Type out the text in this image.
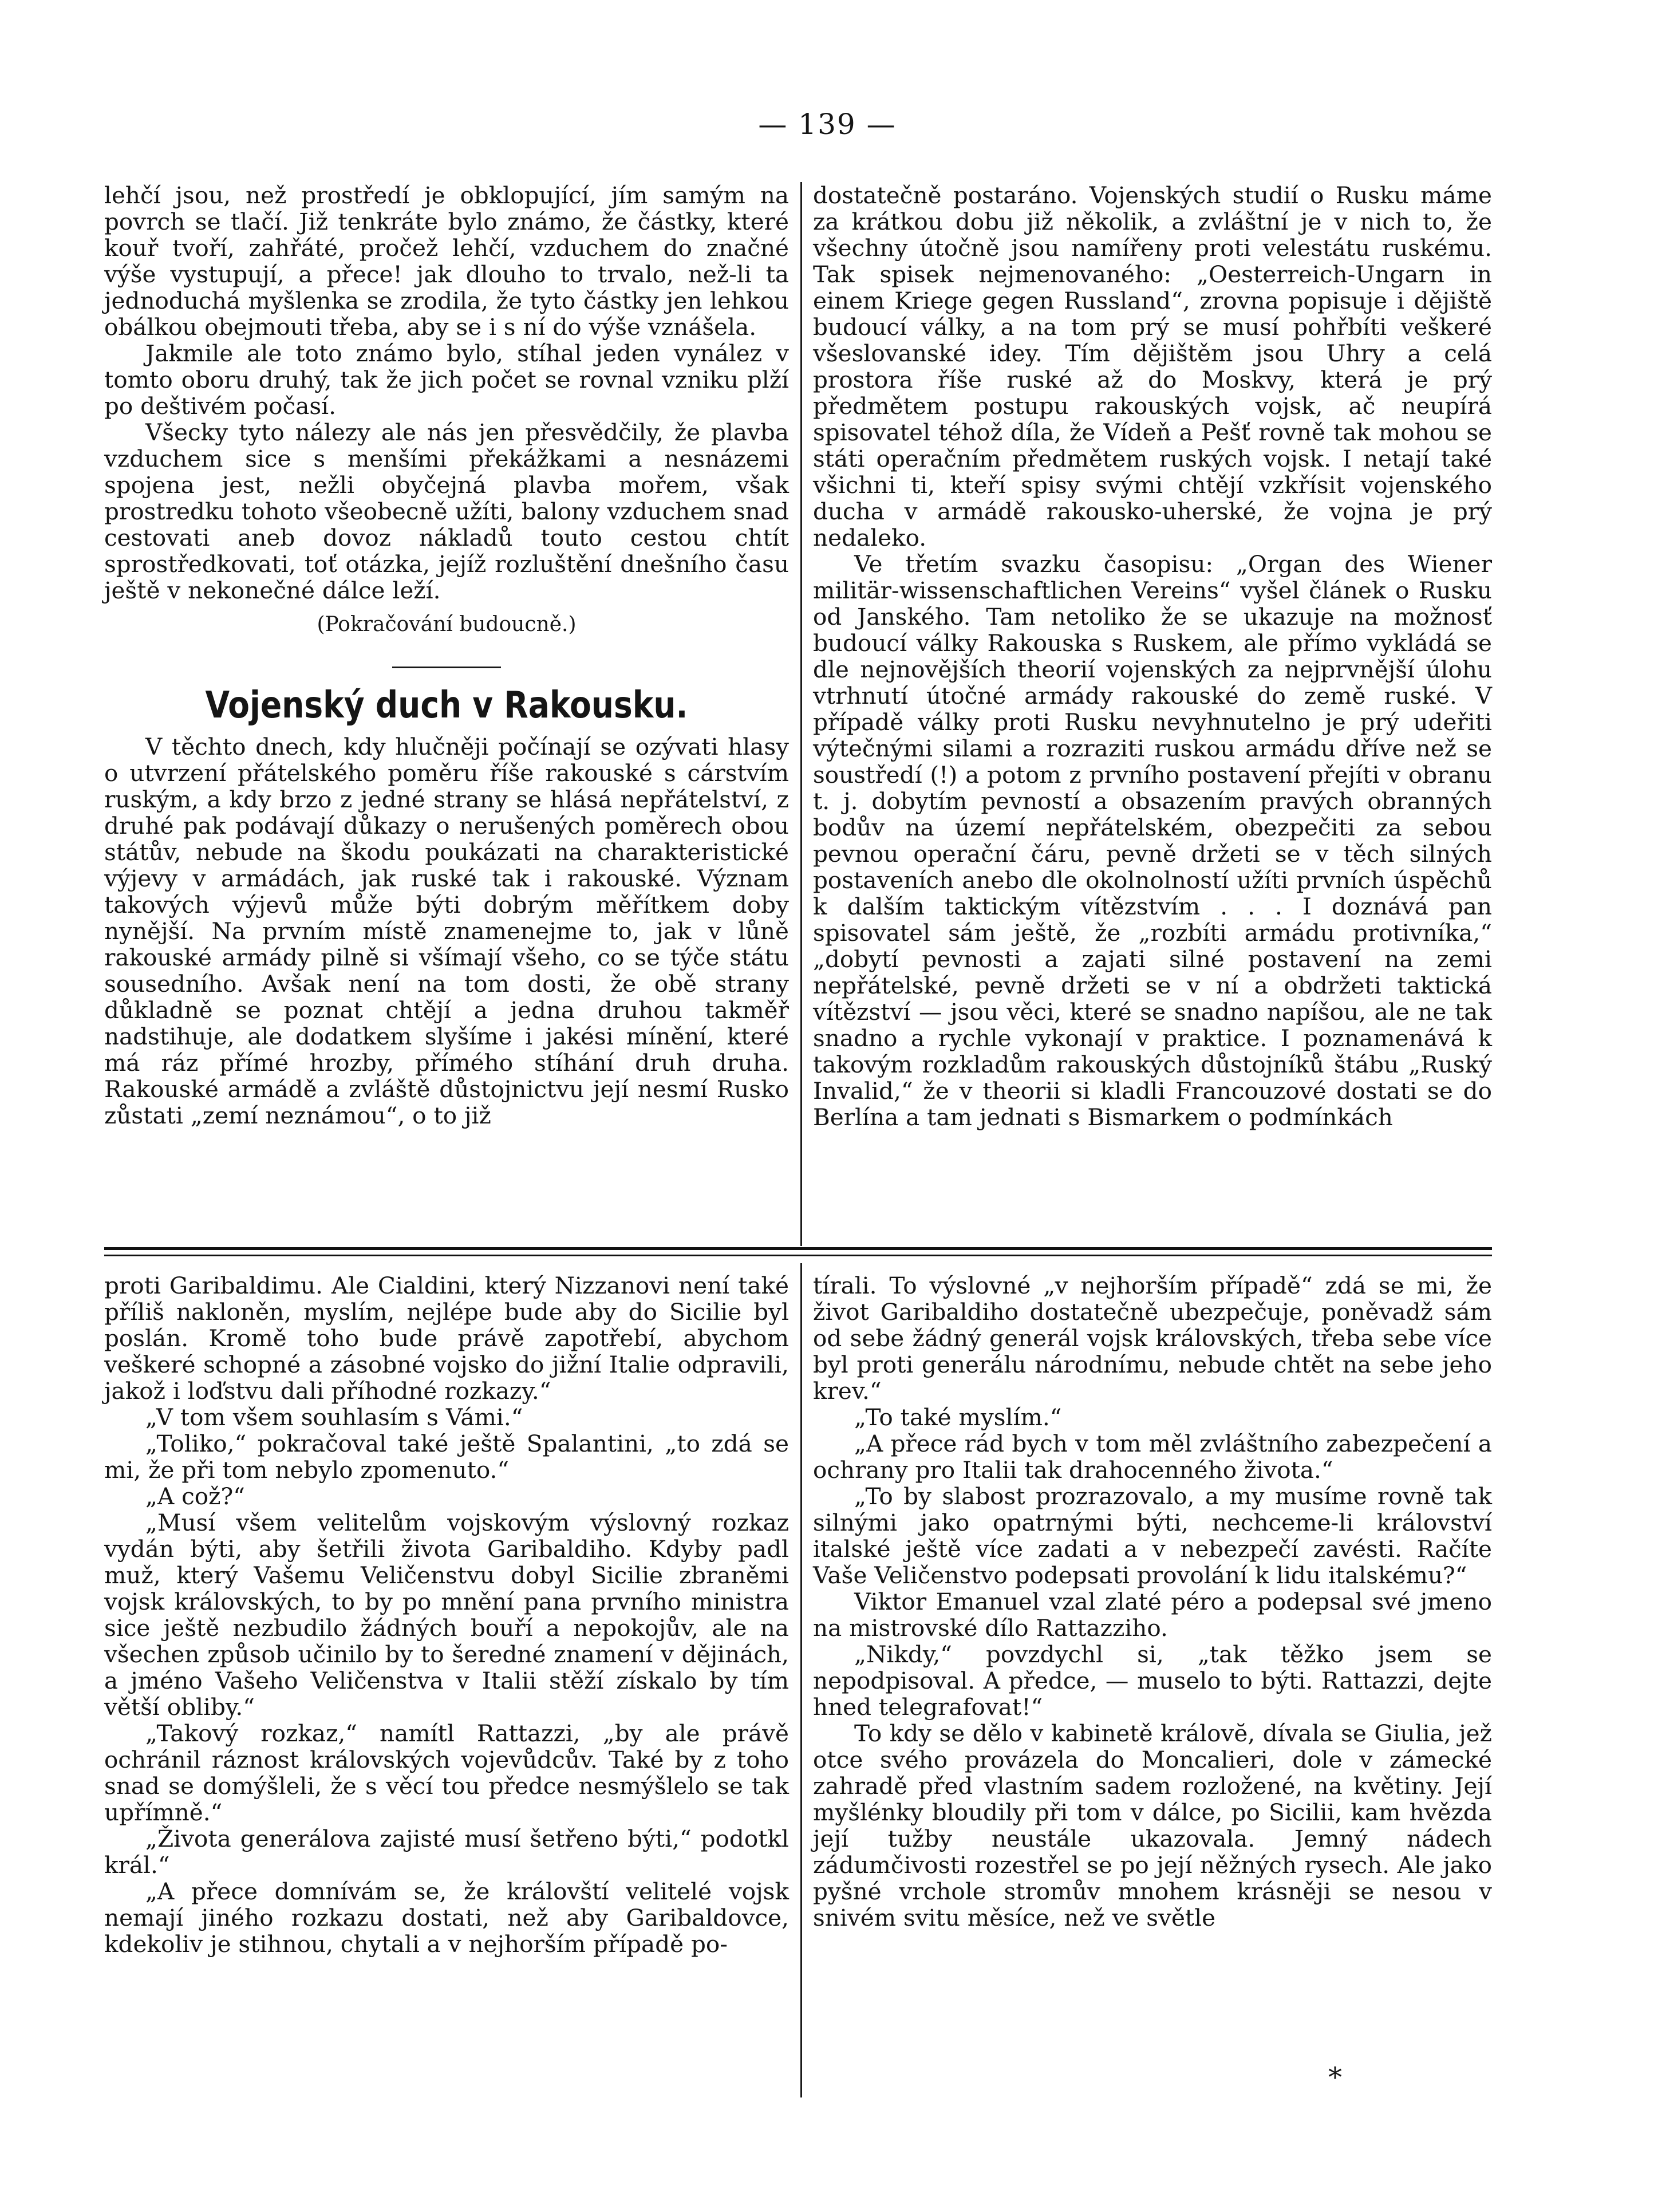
— 139 —

lehčí jsou, než prostředí je obklopující, jím samým na povrch se tlačí. Již tenkráte bylo známo, že částky, které kouř tvoří, zahřáté, pročež lehčí, vzduchem do značné výše vystupují, a přece! jak dlouho to trvalo, než-li ta jednoduchá myšlenka se zrodila, že tyto částky jen lehkou obálkou obejmouti třeba, aby se i s ní do výše vznášela.

Jakmile ale toto známo bylo, stíhal jeden vynález v tomto oboru druhý, tak že jich počet se rovnal vzniku plží po deštivém počasí.

Všecky tyto nálezy ale nás jen přesvědčily, že plavba vzduchem sice s menšími překážkami a nesnázemi spojena jest, nežli obyčejná plavba mořem, však prostredku tohoto všeobecně užíti, balony vzduchem snad cestovati aneb dovoz nákladů touto cestou chtít sprostředkovati, toť otázka, jejíž rozluštění dnešního času ještě v nekonečné dálce leží.

(Pokračování budoucně.)

Vojenský duch v Rakousku.

V těchto dnech, kdy hlučněji počínají se ozývati hlasy o utvrzení přátelského poměru říše rakouské s cárstvím ruským, a kdy brzo z jedné strany se hlásá nepřátelství, z druhé pak podávají důkazy o nerušených poměrech obou státův, nebude na škodu poukázati na charakteristické výjevy v armádách, jak ruské tak i rakouské. Význam takových výjevů může býti dobrým měřítkem doby nynější. Na prvním místě znamenejme to, jak v lůně rakouské armády pilně si všímají všeho, co se týče státu sousedního. Avšak není na tom dosti, že obě strany důkladně se poznat chtějí a jedna druhou takměř nadstihuje, ale dodatkem slyšíme i jakési mínění, které má ráz přímé hrozby, přímého stíhání druh druha. Rakouské armádě a zvláště důstojnictvu její nesmí Rusko zůstati „zemí neznámou“, o to již

dostatečně postaráno. Vojenských studií o Rusku máme za krátkou dobu již několik, a zvláštní je v nich to, že všechny útočně jsou namířeny proti velestátu ruskému. Tak spisek nejmenovaného: „Oesterreich-Ungarn in einem Kriege gegen Russland“, zrovna popisuje i dějiště budoucí války, a na tom prý se musí pohřbíti veškeré všeslovanské idey. Tím dějištěm jsou Uhry a celá prostora říše ruské až do Moskvy, která je prý předmětem postupu rakouských vojsk, ač neupírá spisovatel téhož díla, že Vídeň a Pešť rovně tak mohou se státi operačním předmětem ruských vojsk. I netají také všichni ti, kteří spisy svými chtějí vzkřísit vojenského ducha v armádě rakousko-uherské, že vojna je prý nedaleko.

Ve třetím svazku časopisu: „Organ des Wiener militär-wissenschaftlichen Vereins“ vyšel článek o Rusku od Janského. Tam netoliko že se ukazuje na možnosť budoucí války Rakouska s Ruskem, ale přímo vykládá se dle nejnovějších theorií vojenských za nejprvnější úlohu vtrhnutí útočné armády rakouské do země ruské. V případě války proti Rusku nevyhnutelno je prý udeřiti výtečnými silami a rozraziti ruskou armádu dříve než se soustředí (!) a potom z prvního postavení přejíti v obranu t. j. dobytím pevností a obsazením pravých obranných bodův na území nepřátelském, obezpečiti za sebou pevnou operační čáru, pevně držeti se v těch silných postaveních anebo dle okolnolností užíti prvních úspěchů k dalším taktickým vítězstvím . . . I doznává pan spisovatel sám ještě, že „rozbíti armádu protivníka,“ „dobytí pevnosti a zajati silné postavení na zemi nepřátelské, pevně držeti se v ní a obdržeti taktická vítězství — jsou věci, které se snadno napíšou, ale ne tak snadno a rychle vykonají v praktice. I poznamenává k takovým rozkladům rakouských důstojníků štábu „Ruský Invalid,“ že v theorii si kladli Francouzové dostati se do Berlína a tam jednati s Bismarkem o podmínkách

proti Garibaldimu. Ale Cialdini, který Nizzanovi není také příliš nakloněn, myslím, nejlépe bude aby do Sicilie byl poslán. Kromě toho bude právě zapotřebí, abychom veškeré schopné a zásobné vojsko do jižní Italie odpravili, jakož i loďstvu dali příhodné rozkazy.“

„V tom všem souhlasím s Vámi.“

„Toliko,“ pokračoval také ještě Spalantini, „to zdá se mi, že při tom nebylo zpomenuto.“

„A což?“

„Musí všem velitelům vojskovým výslovný rozkaz vydán býti, aby šetřili života Garibaldiho. Kdyby padl muž, který Vašemu Veličenstvu dobyl Sicilie zbraněmi vojsk královských, to by po mnění pana prvního ministra sice ještě nezbudilo žádných bouří a nepokojův, ale na všechen způsob učinilo by to šeredné znamení v dějinách, a jméno Vašeho Veličenstva v Italii stěží získalo by tím větší obliby.“

„Takový rozkaz,“ namítl Rattazzi, „by ale právě ochránil ráznost královských vojevůdcův. Také by z toho snad se domýšleli, že s věcí tou předce nesmýšlelo se tak upřímně.“

„Života generálova zajisté musí šetřeno býti,“ podotkl král.“

„A přece domnívám se, že královští velitelé vojsk nemají jiného rozkazu dostati, než aby Garibaldovce, kdekoliv je stihnou, chytali a v nejhorším případě po-

tírali. To výslovné „v nejhorším případě“ zdá se mi, že život Garibaldiho dostatečně ubezpečuje, poněvadž sám od sebe žádný generál vojsk královských, třeba sebe více byl proti generálu národnímu, nebude chtět na sebe jeho krev.“

„To také myslím.“

„A přece rád bych v tom měl zvláštního zabezpečení a ochrany pro Italii tak drahocenného života.“

„To by slabost prozrazovalo, a my musíme rovně tak silnými jako opatrnými býti, nechceme-li království italské ještě více zadati a v nebezpečí zavésti. Račíte Vaše Veličenstvo podepsati provolání k lidu italskému?“

Viktor Emanuel vzal zlaté péro a podepsal své jmeno na mistrovské dílo Rattazziho.

„Nikdy,“ povzdychl si, „tak těžko jsem se nepodpisoval. A předce, — muselo to býti. Rattazzi, dejte hned telegrafovat!“

To kdy se dělo v kabinetě královĕ, dívala se Giulia, jež otce svého provázela do Moncalieri, dole v zámecké zahradě před vlastním sadem rozložené, na květiny. Její myšlénky bloudily při tom v dálce, po Sicilii, kam hvězda její tužby neustále ukazovala. Jemný nádech zádumčivosti rozestřel se po její něžných rysech. Ale jako pyšné vrcholе stromův mnohem krásněji se nesou v snivém svitu měsíce, než ve světle

*
